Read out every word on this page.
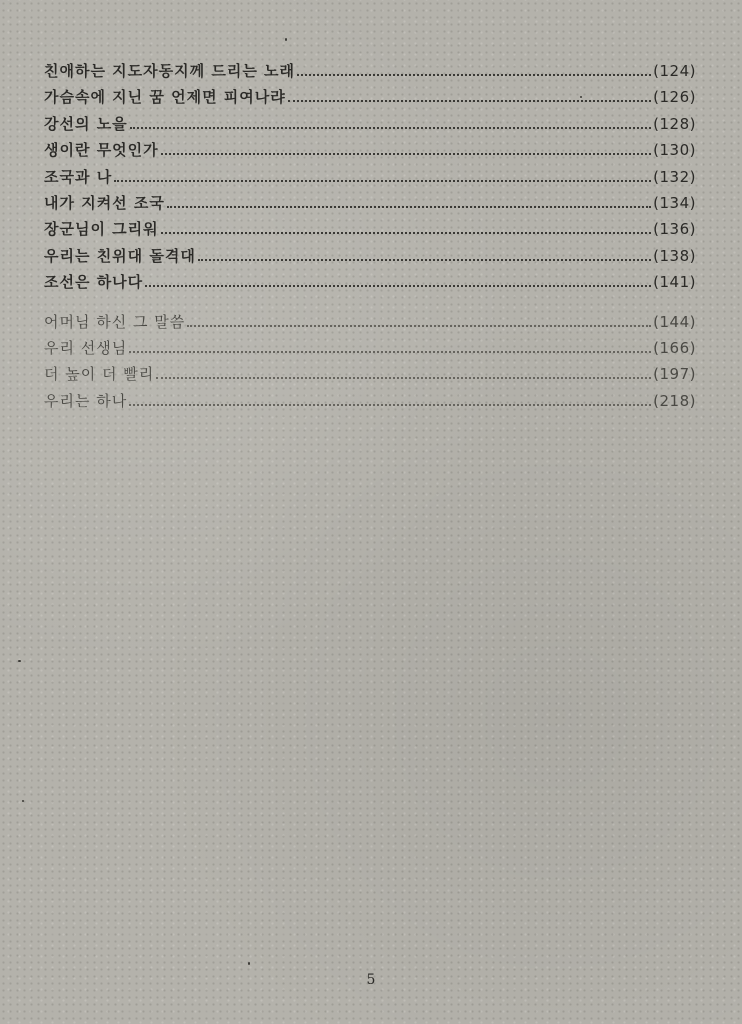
친애하는 지도자동지께 드리는 노래	(124)
가슴속에 지닌 꿈 언제면 피여나랴	(126)
강선의 노을	(128)
생이란 무엇인가	(130)
조국과 나	(132)
내가 지켜선 조국	(134)
장군님이 그리워	(136)
우리는 친위대 돌격대	(138)
조선은 하나다	(141)
어머님 하신 그 말씀	(144)
우리 선생님	(166)
더 높이 더 빨리	(197)
우리는 하나	(218)
5
